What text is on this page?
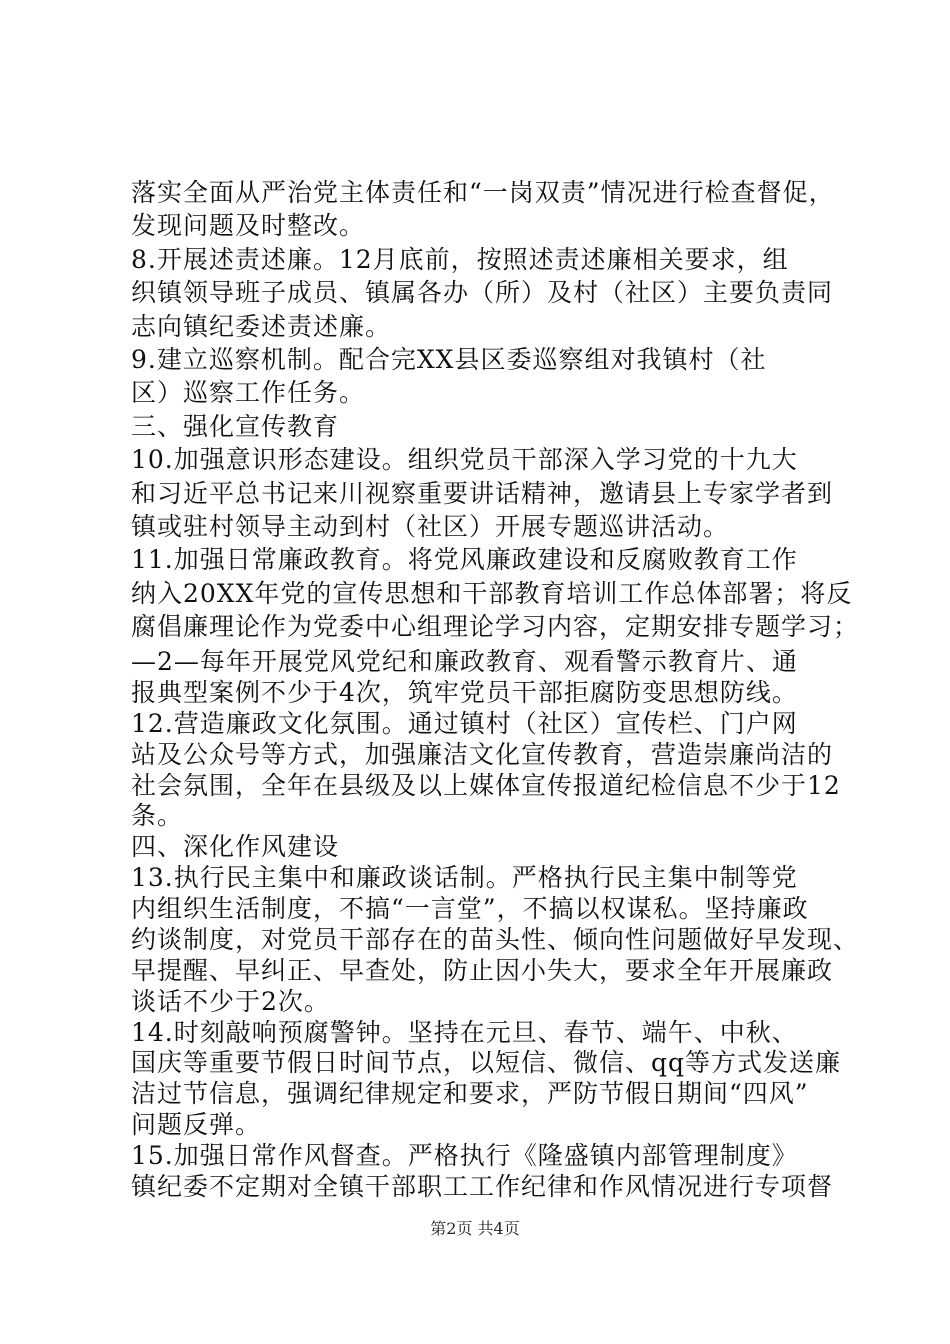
落实全面从严治党主体责任和“一岗双责”情况进行检查督促，
发现问题及时整改。
8.开展述责述廉。12月底前，按照述责述廉相关要求，组
织镇领导班子成员、镇属各办（所）及村（社区）主要负责同
志向镇纪委述责述廉。
9.建立巡察机制。配合完XX县区委巡察组对我镇村（社
区）巡察工作任务。
三、强化宣传教育
10.加强意识形态建设。组织党员干部深入学习党的十九大
和习近平总书记来川视察重要讲话精神，邀请县上专家学者到
镇或驻村领导主动到村（社区）开展专题巡讲活动。
11.加强日常廉政教育。将党风廉政建设和反腐败教育工作
纳入20XX年党的宣传思想和干部教育培训工作总体部署；将反
腐倡廉理论作为党委中心组理论学习内容，定期安排专题学习；
—2—每年开展党风党纪和廉政教育、观看警示教育片、通
报典型案例不少于4次，筑牢党员干部拒腐防变思想防线。
12.营造廉政文化氛围。通过镇村（社区）宣传栏、门户网
站及公众号等方式，加强廉洁文化宣传教育，营造崇廉尚洁的
社会氛围，全年在县级及以上媒体宣传报道纪检信息不少于12
条。
四、深化作风建设
13.执行民主集中和廉政谈话制。严格执行民主集中制等党
内组织生活制度，不搞“一言堂”，不搞以权谋私。坚持廉政
约谈制度，对党员干部存在的苗头性、倾向性问题做好早发现、
早提醒、早纠正、早查处，防止因小失大，要求全年开展廉政
谈话不少于2次。
14.时刻敲响预腐警钟。坚持在元旦、春节、端午、中秋、
国庆等重要节假日时间节点，以短信、微信、qq等方式发送廉
洁过节信息，强调纪律规定和要求，严防节假日期间“四风”
问题反弹。
第2页 共4页
15.加强日常作风督查。严格执行《隆盛镇内部管理制度》
镇纪委不定期对全镇干部职工工作纪律和作风情况进行专项督
